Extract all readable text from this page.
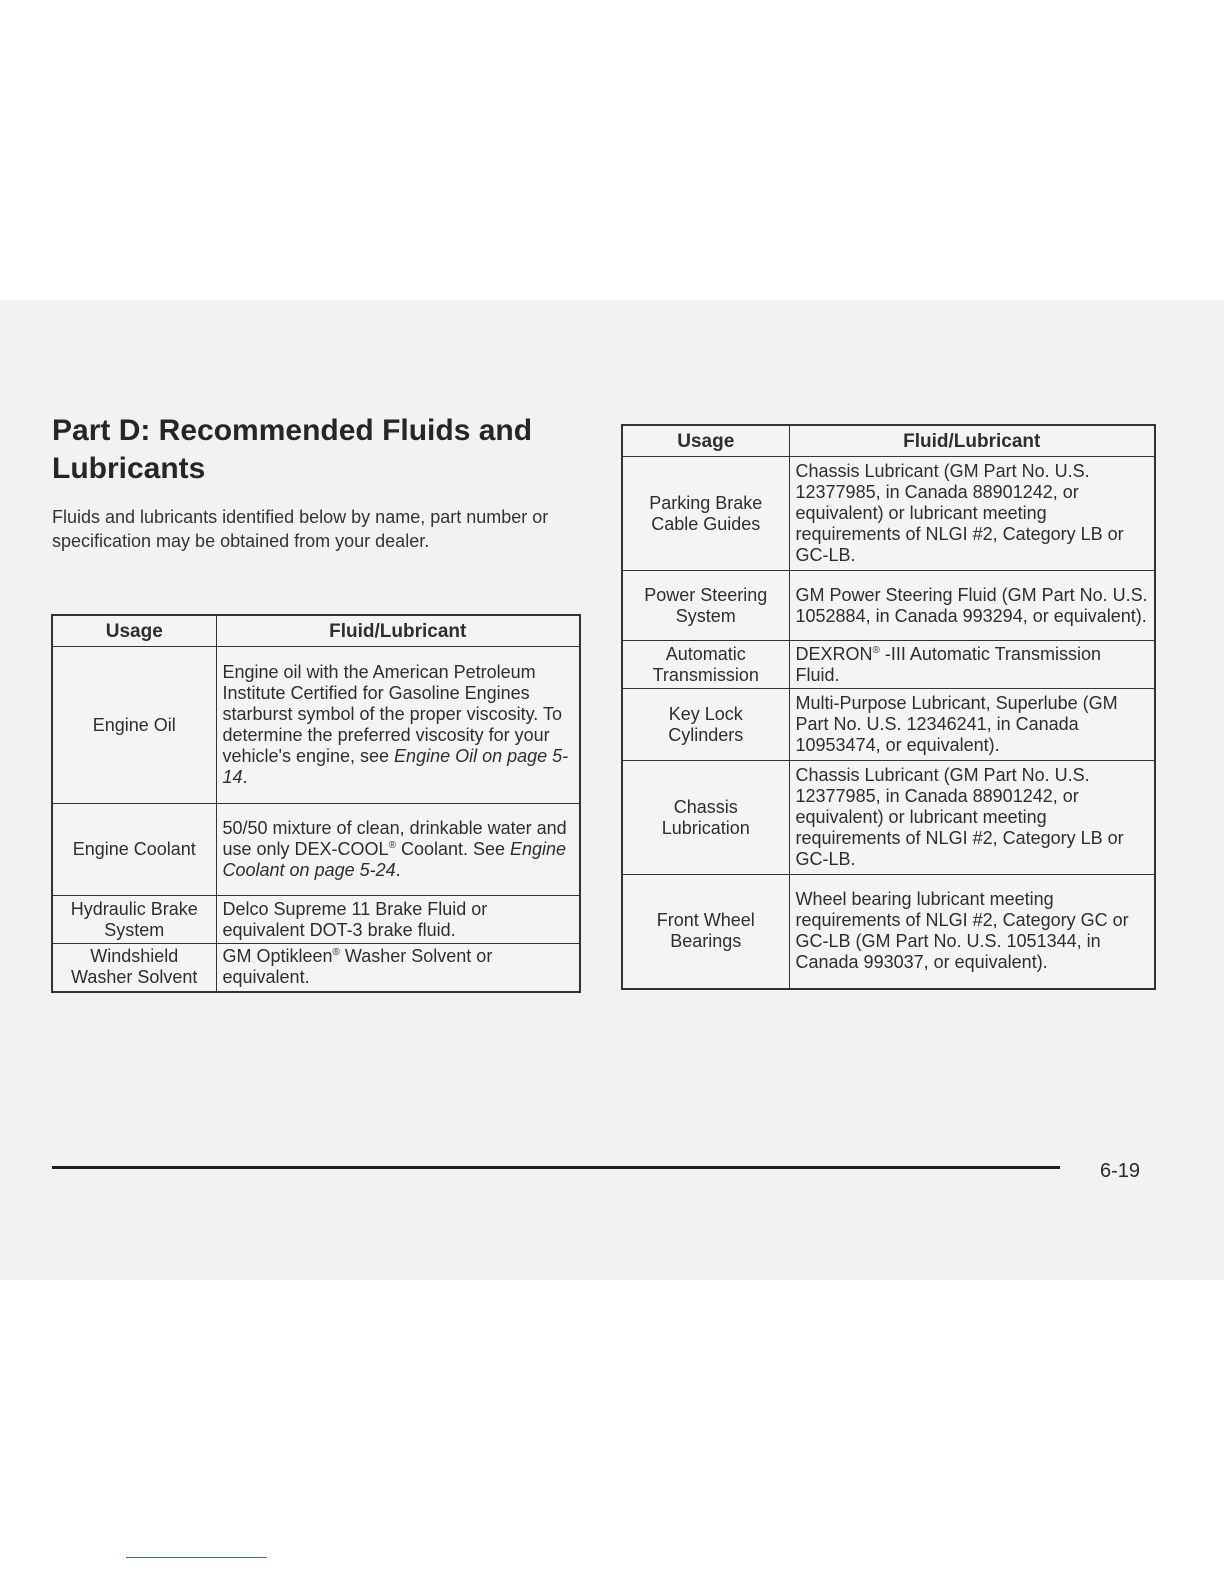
Part D: Recommended Fluids and Lubricants

Fluids and lubricants identified below by name, part number or specification may be obtained from your dealer.

Usage	Fluid/Lubricant
Engine Oil	Engine oil with the American Petroleum Institute Certified for Gasoline Engines starburst symbol of the proper viscosity. To determine the preferred viscosity for your vehicle's engine, see Engine Oil on page 5-14.
Engine Coolant	50/50 mixture of clean, drinkable water and use only DEX-COOL® Coolant. See Engine Coolant on page 5-24.
Hydraulic Brake System	Delco Supreme 11 Brake Fluid or equivalent DOT-3 brake fluid.
Windshield Washer Solvent	GM Optikleen® Washer Solvent or equivalent.
Usage	Fluid/Lubricant
Parking Brake Cable Guides	Chassis Lubricant (GM Part No. U.S. 12377985, in Canada 88901242, or equivalent) or lubricant meeting requirements of NLGI #2, Category LB or GC-LB.
Power Steering System	GM Power Steering Fluid (GM Part No. U.S. 1052884, in Canada 993294, or equivalent).
Automatic Transmission	DEXRON® -III Automatic Transmission Fluid.
Key Lock Cylinders	Multi-Purpose Lubricant, Superlube (GM Part No. U.S. 12346241, in Canada 10953474, or equivalent).
Chassis Lubrication	Chassis Lubricant (GM Part No. U.S. 12377985, in Canada 88901242, or equivalent) or lubricant meeting requirements of NLGI #2, Category LB or GC-LB.
Front Wheel Bearings	Wheel bearing lubricant meeting requirements of NLGI #2, Category GC or GC-LB (GM Part No. U.S. 1051344, in Canada 993037, or equivalent).
6-19
